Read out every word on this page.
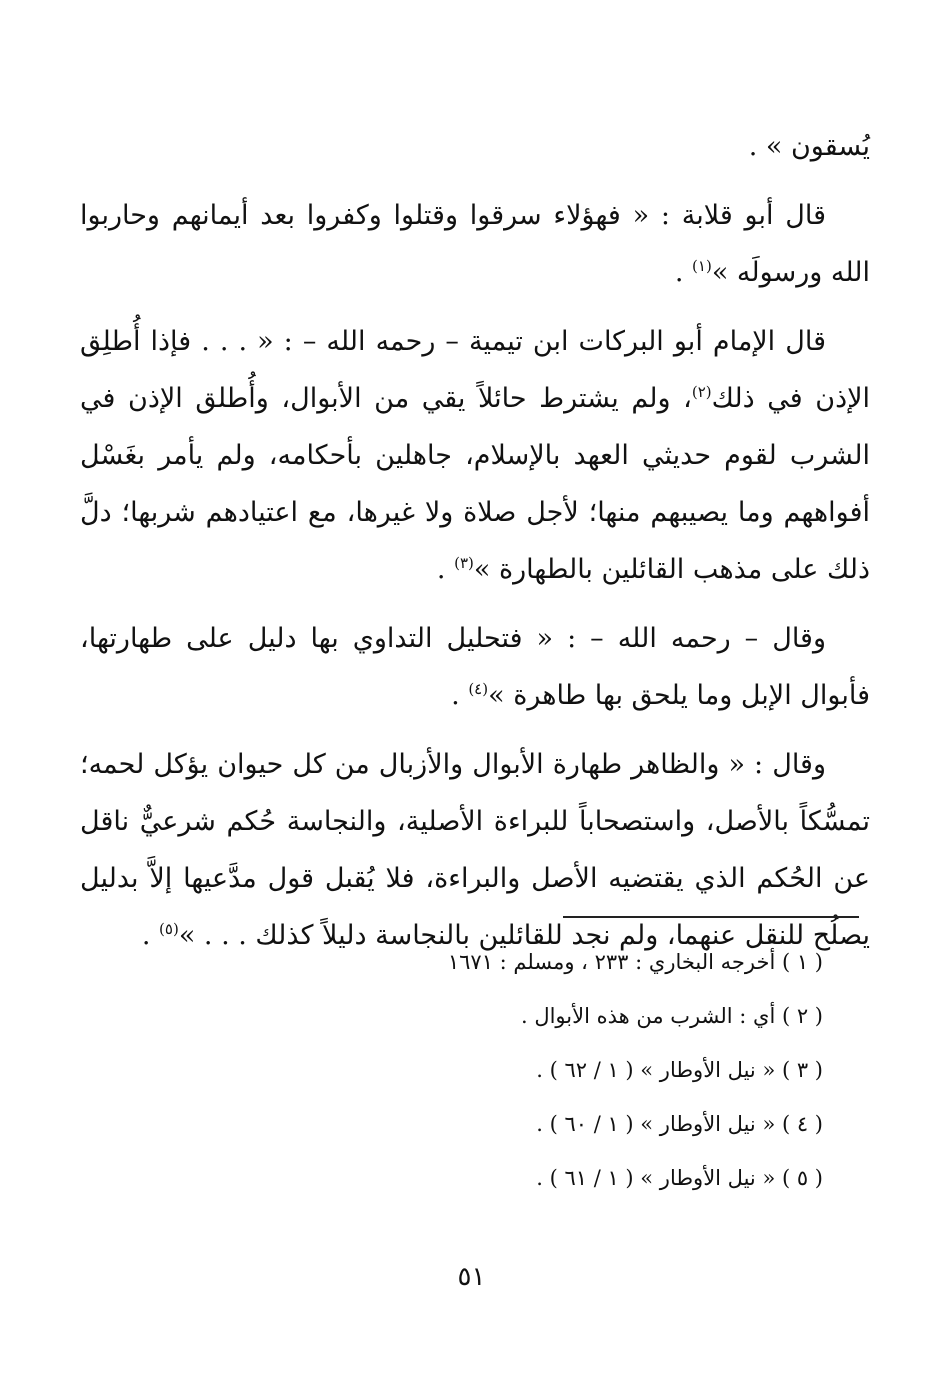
يُسقون » .

قال أبو قلابة : « فهؤلاء سرقوا وقتلوا وكفروا بعد أيمانهم وحاربوا الله ورسولَه »$^{(١)}$ .

قال الإمام أبو البركات ابن تيمية – رحمه الله – : « . . . فإذا أُطلِق الإذن في ذلك$^{(٢)}$، ولم يشترط حائلاً يقي من الأبوال، وأُطلق الإذن في الشرب لقوم حديثي العهد بالإسلام، جاهلين بأحكامه، ولم يأمر بغَسْل أفواههم وما يصيبهم منها؛ لأجل صلاة ولا غيرها، مع اعتيادهم شربها؛ دلَّ ذلك على مذهب القائلين بالطهارة »$^{(٣)}$ .

وقال – رحمه الله – : « فتحليل التداوي بها دليل على طهارتها، فأبوال الإبل وما يلحق بها طاهرة »$^{(٤)}$ .

وقال : « والظاهر طهارة الأبوال والأزبال من كل حيوان يؤكل لحمه؛ تمسُّكاً بالأصل، واستصحاباً للبراءة الأصلية، والنجاسة حُكم شرعيٌّ ناقل عن الحُكم الذي يقتضيه الأصل والبراءة، فلا يُقبل قول مدَّعيها إلاَّ بدليل يصلُح للنقل عنهما، ولم نجد للقائلين بالنجاسة دليلاً كذلك . . . »$^{(٥)}$ .

( ١ ) أخرجه البخاري : ٢٣٣ ، ومسلم : ١٦٧١

( ٢ ) أي : الشرب من هذه الأبوال .

( ٣ ) « نيل الأوطار » ( ١ / ٦٢ ) .

( ٤ ) « نيل الأوطار » ( ١ / ٦٠ ) .

( ٥ ) « نيل الأوطار » ( ١ / ٦١ ) .

٥١
